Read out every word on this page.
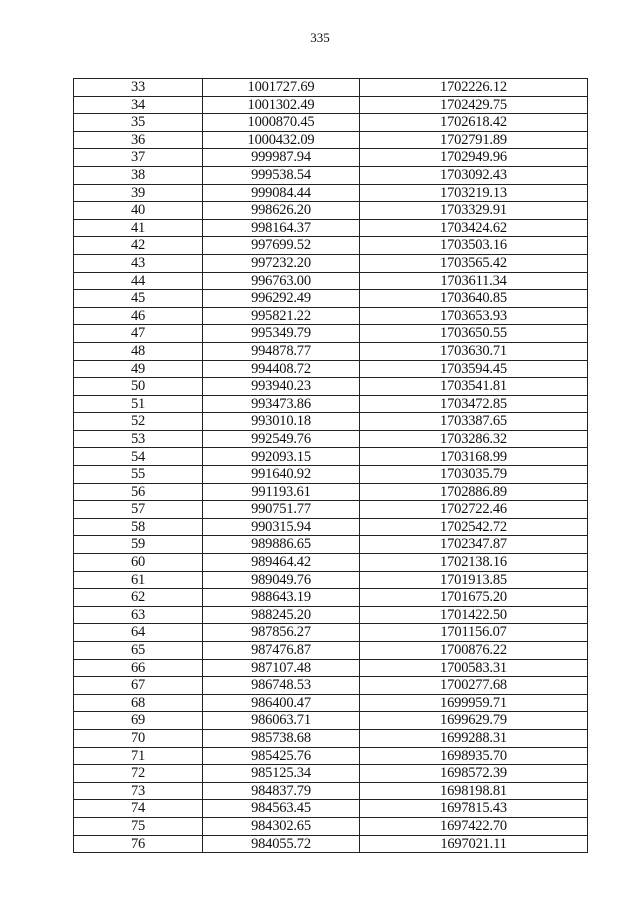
335
33	1001727.69	1702226.12
34	1001302.49	1702429.75
35	1000870.45	1702618.42
36	1000432.09	1702791.89
37	999987.94	1702949.96
38	999538.54	1703092.43
39	999084.44	1703219.13
40	998626.20	1703329.91
41	998164.37	1703424.62
42	997699.52	1703503.16
43	997232.20	1703565.42
44	996763.00	1703611.34
45	996292.49	1703640.85
46	995821.22	1703653.93
47	995349.79	1703650.55
48	994878.77	1703630.71
49	994408.72	1703594.45
50	993940.23	1703541.81
51	993473.86	1703472.85
52	993010.18	1703387.65
53	992549.76	1703286.32
54	992093.15	1703168.99
55	991640.92	1703035.79
56	991193.61	1702886.89
57	990751.77	1702722.46
58	990315.94	1702542.72
59	989886.65	1702347.87
60	989464.42	1702138.16
61	989049.76	1701913.85
62	988643.19	1701675.20
63	988245.20	1701422.50
64	987856.27	1701156.07
65	987476.87	1700876.22
66	987107.48	1700583.31
67	986748.53	1700277.68
68	986400.47	1699959.71
69	986063.71	1699629.79
70	985738.68	1699288.31
71	985425.76	1698935.70
72	985125.34	1698572.39
73	984837.79	1698198.81
74	984563.45	1697815.43
75	984302.65	1697422.70
76	984055.72	1697021.11
